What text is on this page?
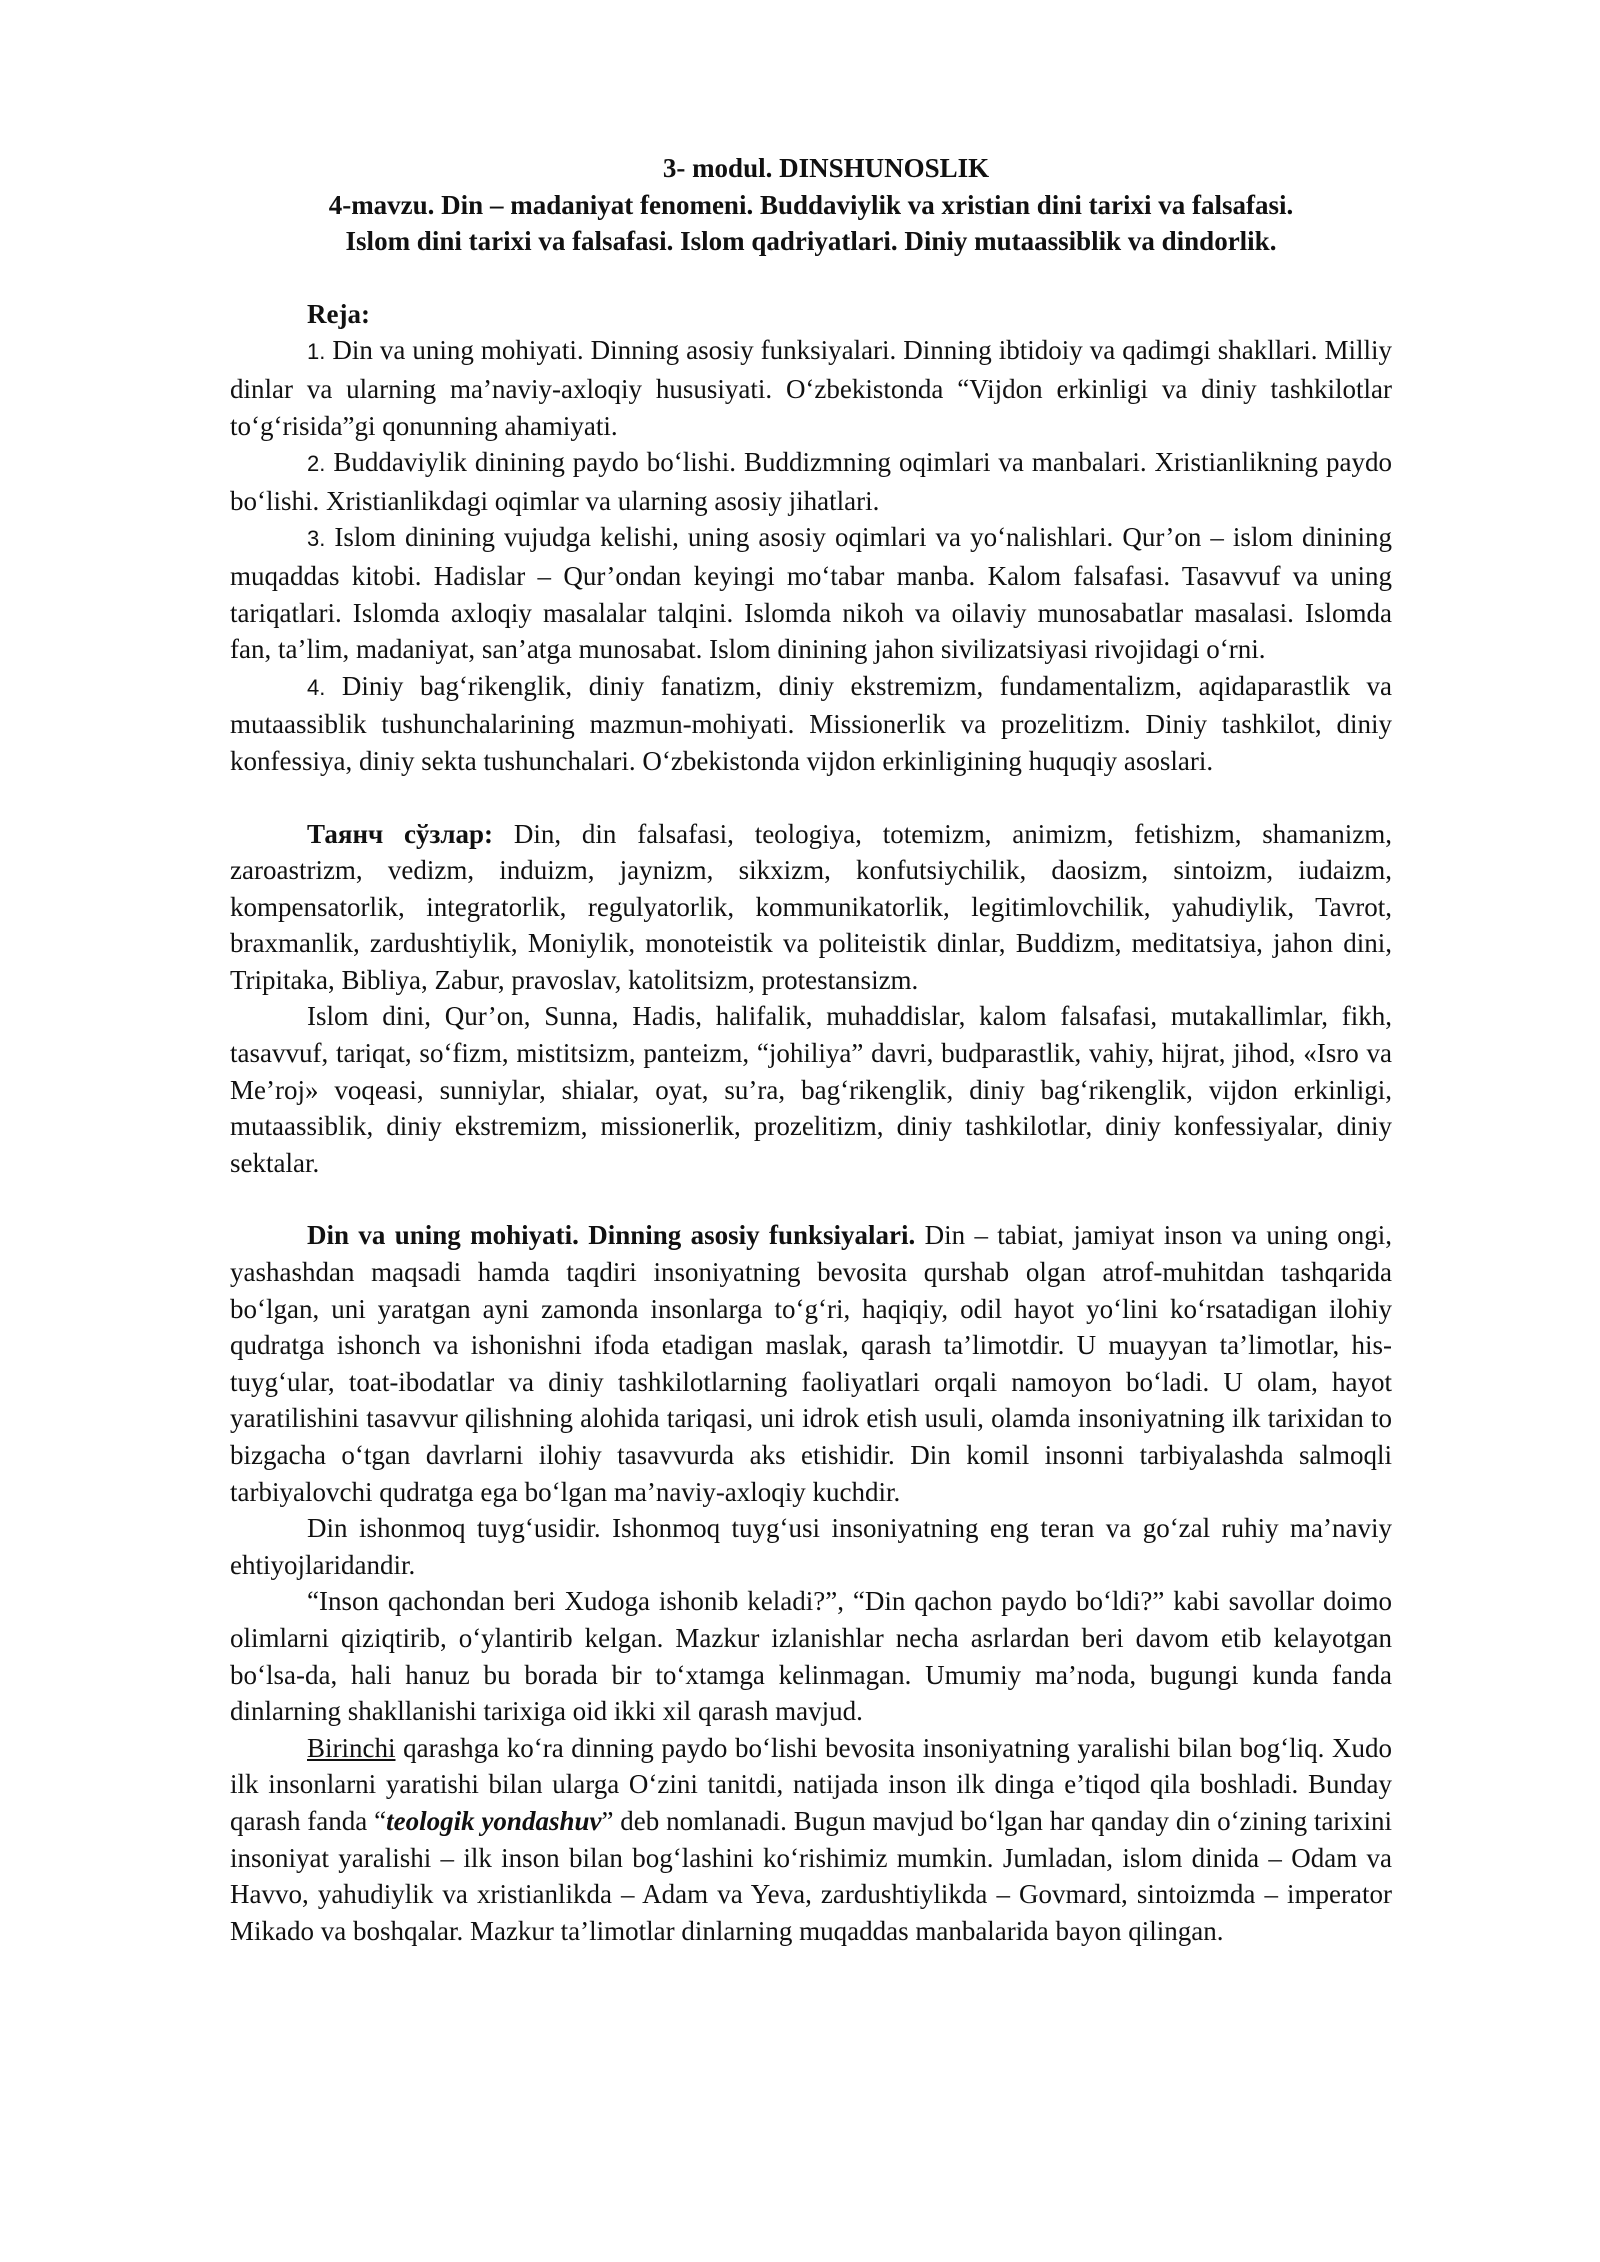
3- modul. DINSHUNOSLIK
4-mavzu. Din – madaniyat fenomeni. Buddaviylik va xristian dini tarixi va falsafasi.
Islom dini tarixi va falsafasi. Islom qadriyatlari. Diniy mutaassiblik va dindorlik.
Reja:

1. Din va uning mohiyati. Dinning asosiy funksiyalari. Dinning ibtidoiy va qadimgi shakllari. Milliy dinlar va ularning ma’naviy-axloqiy hususiyati. O‘zbekistonda “Vijdon erkinligi va diniy tashkilotlar to‘g‘risida”gi qonunning ahamiyati.

2. Buddaviylik dinining paydo bo‘lishi. Buddizmning oqimlari va manbalari. Xristianlikning paydo bo‘lishi. Xristianlikdagi oqimlar va ularning asosiy jihatlari.

3. Islom dinining vujudga kelishi, uning asosiy oqimlari va yo‘nalishlari. Qur’on – islom dinining muqaddas kitobi. Hadislar – Qur’ondan keyingi mo‘tabar manba. Kalom falsafasi. Tasavvuf va uning tariqatlari. Islomda axloqiy masalalar talqini. Islomda nikoh va oilaviy munosabatlar masalasi. Islomda fan, ta’lim, madaniyat, san’atga munosabat. Islom dinining jahon sivilizatsiyasi rivojidagi o‘rni.

4. Diniy bag‘rikenglik, diniy fanatizm, diniy ekstremizm, fundamentalizm, aqidaparastlik va mutaassiblik tushunchalarining mazmun-mohiyati. Missionerlik va prozelitizm. Diniy tashkilot, diniy konfessiya, diniy sekta tushunchalari. O‘zbekistonda vijdon erkinligining huquqiy asoslari.

Таянч сўзлар: Din, din falsafasi, teologiya, totemizm, animizm, fetishizm, shamanizm, zaroastrizm, vedizm, induizm, jaynizm, sikxizm, konfutsiychilik, daosizm, sintoizm, iudaizm, kompensatorlik, integratorlik, regulyatorlik, kommunikatorlik, legitimlovchilik, yahudiylik, Tavrot, braxmanlik, zardushtiylik, Moniylik, monoteistik va politeistik dinlar, Buddizm, meditatsiya, jahon dini, Tripitaka, Bibliya, Zabur, pravoslav, katolitsizm, protestansizm.

Islom dini, Qur’on, Sunna, Hadis, halifalik, muhaddislar, kalom falsafasi, mutakallimlar, fikh, tasavvuf, tariqat, so‘fizm, mistitsizm, panteizm, “johiliya” davri, budparastlik, vahiy, hijrat, jihod, «Isro va Me’roj» voqeasi, sunniylar, shialar, oyat, su’ra, bag‘rikenglik, diniy bag‘rikenglik, vijdon erkinligi, mutaassiblik, diniy ekstremizm, missionerlik, prozelitizm, diniy tashkilotlar, diniy konfessiyalar, diniy sektalar.

Din va uning mohiyati. Dinning asosiy funksiyalari. Din – tabiat, jamiyat inson va uning ongi, yashashdan maqsadi hamda taqdiri insoniyatning bevosita qurshab olgan atrof-muhitdan tashqarida bo‘lgan, uni yaratgan ayni zamonda insonlarga to‘g‘ri, haqiqiy, odil hayot yo‘lini ko‘rsatadigan ilohiy qudratga ishonch va ishonishni ifoda etadigan maslak, qarash ta’limotdir. U muayyan ta’limotlar, his-tuyg‘ular, toat-ibodatlar va diniy tashkilotlarning faoliyatlari orqali namoyon bo‘ladi. U olam, hayot yaratilishini tasavvur qilishning alohida tariqasi, uni idrok etish usuli, olamda insoniyatning ilk tarixidan to bizgacha o‘tgan davrlarni ilohiy tasavvurda aks etishidir. Din komil insonni tarbiyalashda salmoqli tarbiyalovchi qudratga ega bo‘lgan ma’naviy-axloqiy kuchdir.

Din ishonmoq tuyg‘usidir. Ishonmoq tuyg‘usi insoniyatning eng teran va go‘zal ruhiy ma’naviy ehtiyojlaridandir.

“Inson qachondan beri Xudoga ishonib keladi?”, “Din qachon paydo bo‘ldi?” kabi savollar doimo olimlarni qiziqtirib, o‘ylantirib kelgan. Mazkur izlanishlar necha asrlardan beri davom etib kelayotgan bo‘lsa-da, hali hanuz bu borada bir to‘xtamga kelinmagan. Umumiy ma’noda, bugungi kunda fanda dinlarning shakllanishi tarixiga oid ikki xil qarash mavjud.

Birinchi qarashga ko‘ra dinning paydo bo‘lishi bevosita insoniyatning yaralishi bilan bog‘liq. Xudo ilk insonlarni yaratishi bilan ularga O‘zini tanitdi, natijada inson ilk dinga e’tiqod qila boshladi. Bunday qarash fanda “teologik yondashuv” deb nomlanadi. Bugun mavjud bo‘lgan har qanday din o‘zining tarixini insoniyat yaralishi – ilk inson bilan bog‘lashini ko‘rishimiz mumkin. Jumladan, islom dinida – Odam va Havvo, yahudiylik va xristianlikda – Adam va Yeva, zardushtiylikda – Govmard, sintoizmda – imperator Mikado va boshqalar. Mazkur ta’limotlar dinlarning muqaddas manbalarida bayon qilingan.
